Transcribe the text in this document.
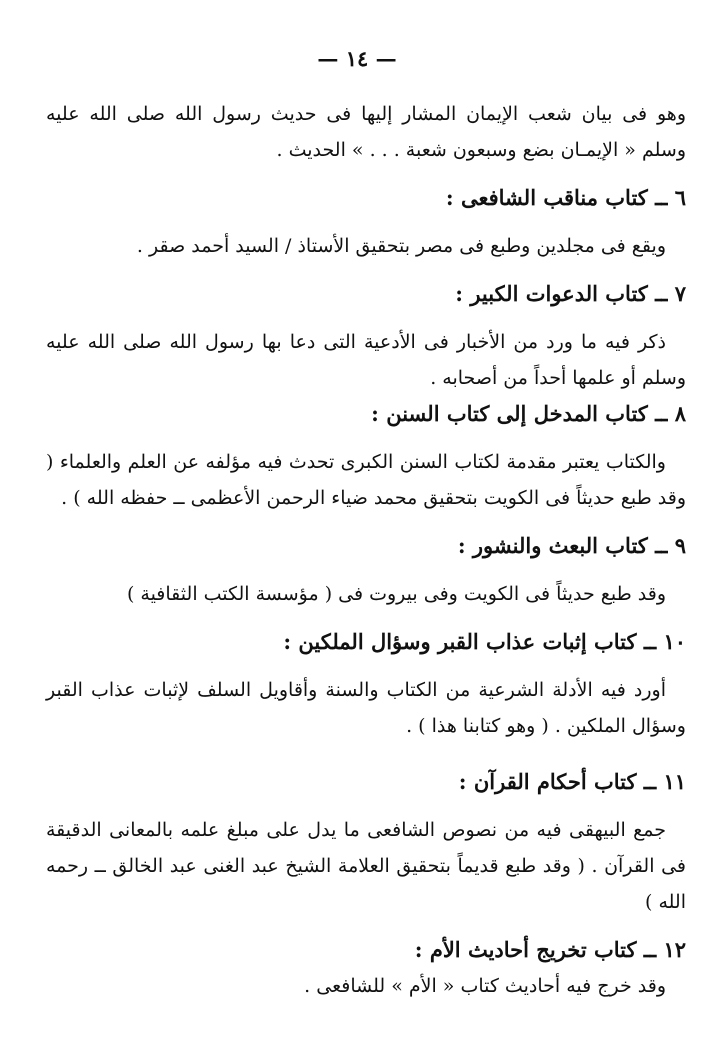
— ١٤ —

وهو فى بيان شعب الإيمان المشار إليها فى حديث رسول الله صلى الله عليه وسلم « الإيمـان بضع وسبعون شعبة . . . » الحديث .

٦ ــ كتاب مناقب الشافعى :

ويقع فى مجلدين وطبع فى مصر بتحقيق الأستاذ / السيد أحمد صقر .

٧ ــ كتاب الدعوات الكبير :

ذكر فيه ما ورد من الأخبار فى الأدعية التى دعا بها رسول الله صلى الله عليه وسلم أو علمها أحداً من أصحابه .

٨ ــ كتاب المدخل إلى كتاب السنن :

والكتاب يعتبر مقدمة لكتاب السنن الكبرى تحدث فيه مؤلفه عن العلم والعلماء ( وقد طبع حديثاً فى الكويت بتحقيق محمد ضياء الرحمن الأعظمى ــ حفظه الله ) .

٩ ــ كتاب البعث والنشور :

وقد طبع حديثاً فى الكويت وفى بيروت فى ( مؤسسة الكتب الثقافية )

١٠ ــ كتاب إثبات عذاب القبر وسؤال الملكين :

أورد فيه الأدلة الشرعية من الكتاب والسنة وأقاويل السلف لإثبات عذاب القبر وسؤال الملكين . ( وهو كتابنا هذا ) .

١١ ــ كتاب أحكام القرآن :

جمع البيهقى فيه من نصوص الشافعى ما يدل على مبلغ علمه بالمعانى الدقيقة فى القرآن . ( وقد طبع قديماً بتحقيق العلامة الشيخ عبد الغنى عبد الخالق ــ رحمه الله )

١٢ ــ كتاب تخريج أحاديث الأم :

وقد خرج فيه أحاديث كتاب « الأم » للشافعى .
